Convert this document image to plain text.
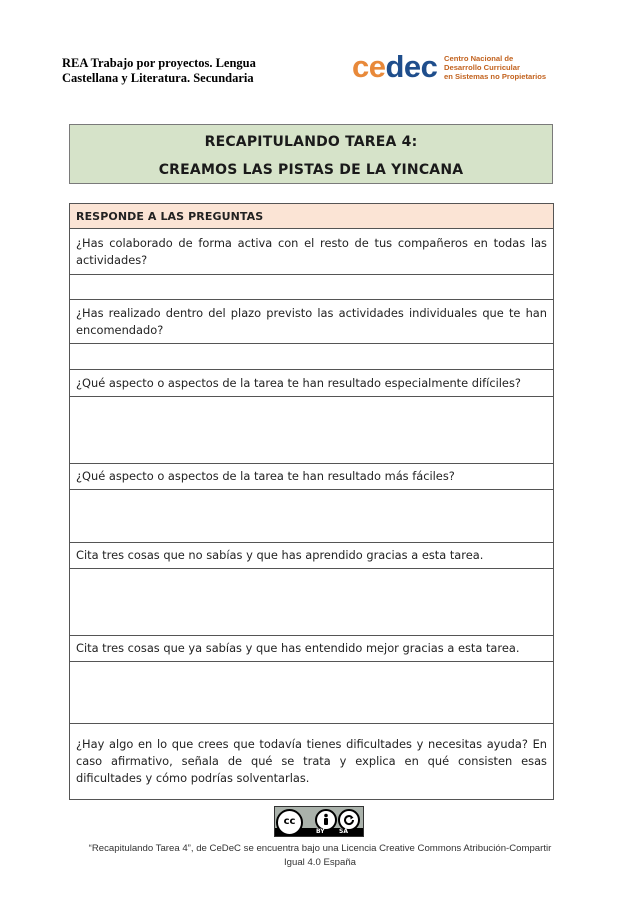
REA Trabajo por proyectos. Lengua
Castellana y Literatura. Secundaria	cedec Centro Nacional de
Desarrollo Curricular
en Sistemas no Propietarios
RECAPITULANDO TAREA 4:
CREAMOS LAS PISTAS DE LA YINCANA
RESPONDE A LAS PREGUNTAS
¿Has colaborado de forma activa con el resto de tus compañeros en todas las actividades?

¿Has realizado dentro del plazo previsto las actividades individuales que te han encomendado?

¿Qué aspecto o aspectos de la tarea te han resultado especialmente difíciles?

¿Qué aspecto o aspectos de la tarea te han resultado más fáciles?

Cita tres cosas que no sabías y que has aprendido gracias a esta tarea.

Cita tres cosas que ya sabías y que has entendido mejor gracias a esta tarea.

¿Hay algo en lo que crees que todavía tienes dificultades y necesitas ayuda? En caso afirmativo, señala de qué se trata y explica en qué consisten esas dificultades y cómo podrías solventarlas.
cc
BY SA
“Recapitulando Tarea 4”, de CeDeC se encuentra bajo una Licencia Creative Commons Atribución-Compartir
Igual 4.0 España
